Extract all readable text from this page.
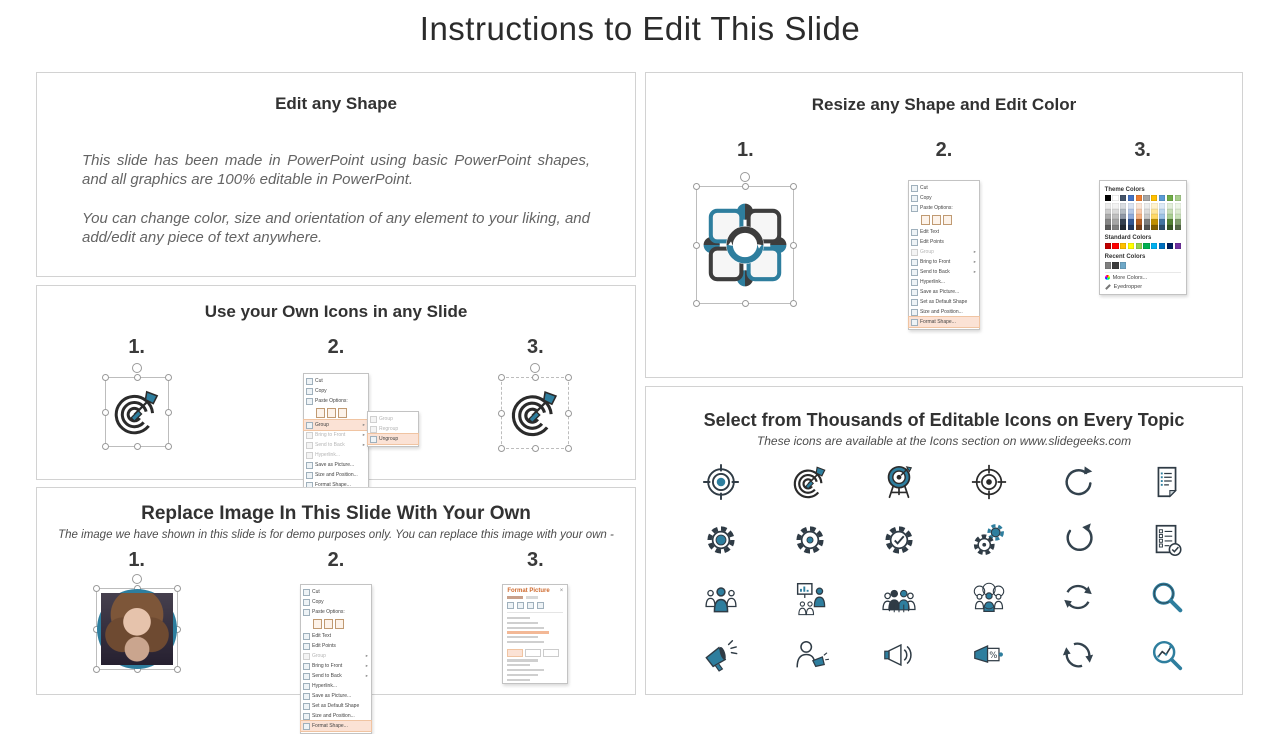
Instructions to Edit This Slide
Edit any Shape

This slide has been made in PowerPoint using basic PowerPoint shapes, and all graphics are 100% editable in PowerPoint.

You can change color, size and orientation of any element to your liking, and add/edit any piece of text anywhere.

Use your Own Icons in any Slide
1.	2.
Cut
Copy
Paste Options:
Group	▸
Bring to Front	▸
Send to Back	▸
Hyperlink...
Save as Picture...
Size and Position...
Format Shape...
Group
Regroup
Ungroup
3.
Replace Image In This Slide With Your Own
The image we have shown in this slide is for demo purposes only. You can replace this image with your own -
1.	2.
Cut
Copy
Paste Options:
Edit Text
Edit Points
Group	▸
Bring to Front	▸
Send to Back	▸
Hyperlink...
Save as Picture...
Set as Default Shape
Size and Position...
Format Shape...
3.
Format Picture ×
Resize any Shape and Edit Color
1.	2.
Cut
Copy
Paste Options:
Edit Text
Edit Points
Group	▸
Bring to Front	▸
Send to Back	▸
Hyperlink...
Save as Picture...
Set as Default Shape
Size and Position...
Format Shape...
3.
Theme Colors
Standard Colors
Recent Colors
More Colors...
Eyedropper
Select from Thousands of Editable Icons on Every Topic
These icons are available at the Icons section on www.slidegeeks.com
